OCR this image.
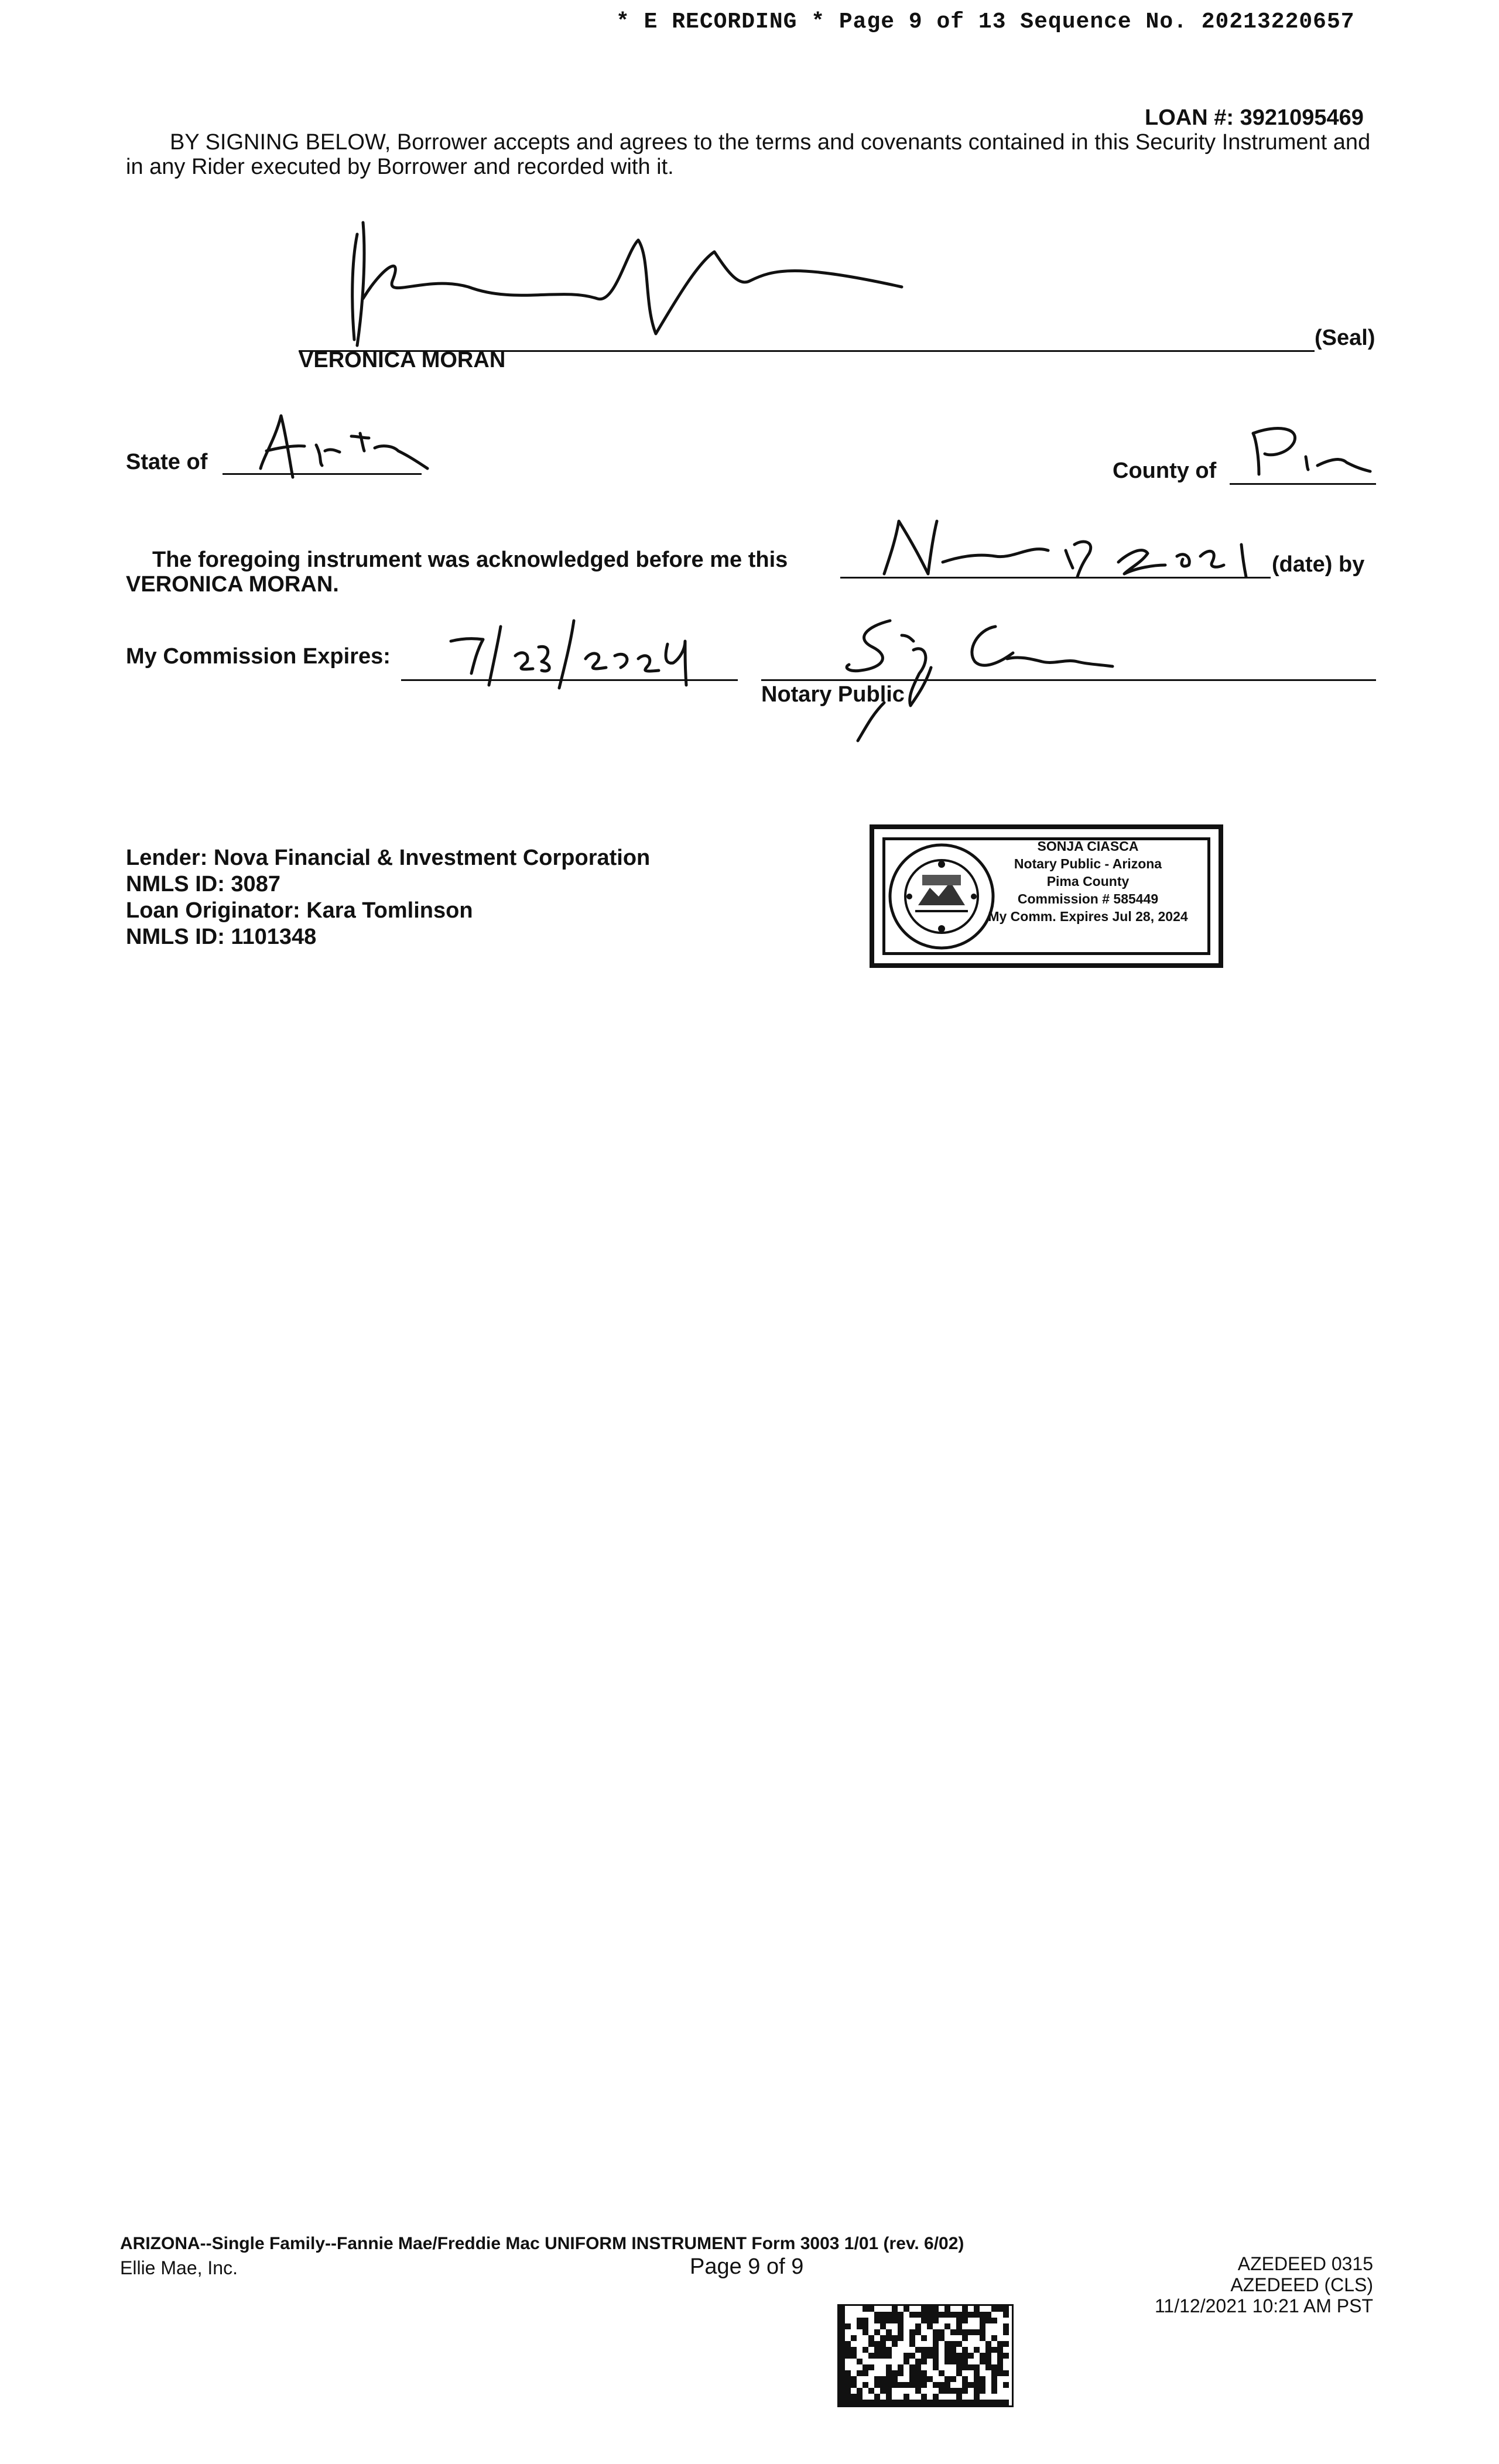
* E RECORDING * Page 9 of 13 Sequence No. 20213220657
LOAN #: 3921095469
BY SIGNING BELOW, Borrower accepts and agrees to the terms and covenants contained in this Security Instrument and in any Rider executed by Borrower and recorded with it.
VERONICA MORAN
(Seal)
State of	County of
The foregoing instrument was acknowledged before me this	(date) by
VERONICA MORAN.
My Commission Expires:
Notary Public
Lender: Nova Financial & Investment Corporation
NMLS ID: 3087
Loan Originator: Kara Tomlinson
NMLS ID: 1101348
SONJA CIASCA
Notary Public - Arizona
Pima County
Commission # 585449
My Comm. Expires Jul 28, 2024
ARIZONA--Single Family--Fannie Mae/Freddie Mac UNIFORM INSTRUMENT Form 3003 1/01 (rev. 6/02)
Ellie Mae, Inc.	Page 9 of 9	AZEDEED 0315
AZEDEED (CLS)
11/12/2021 10:21 AM PST
